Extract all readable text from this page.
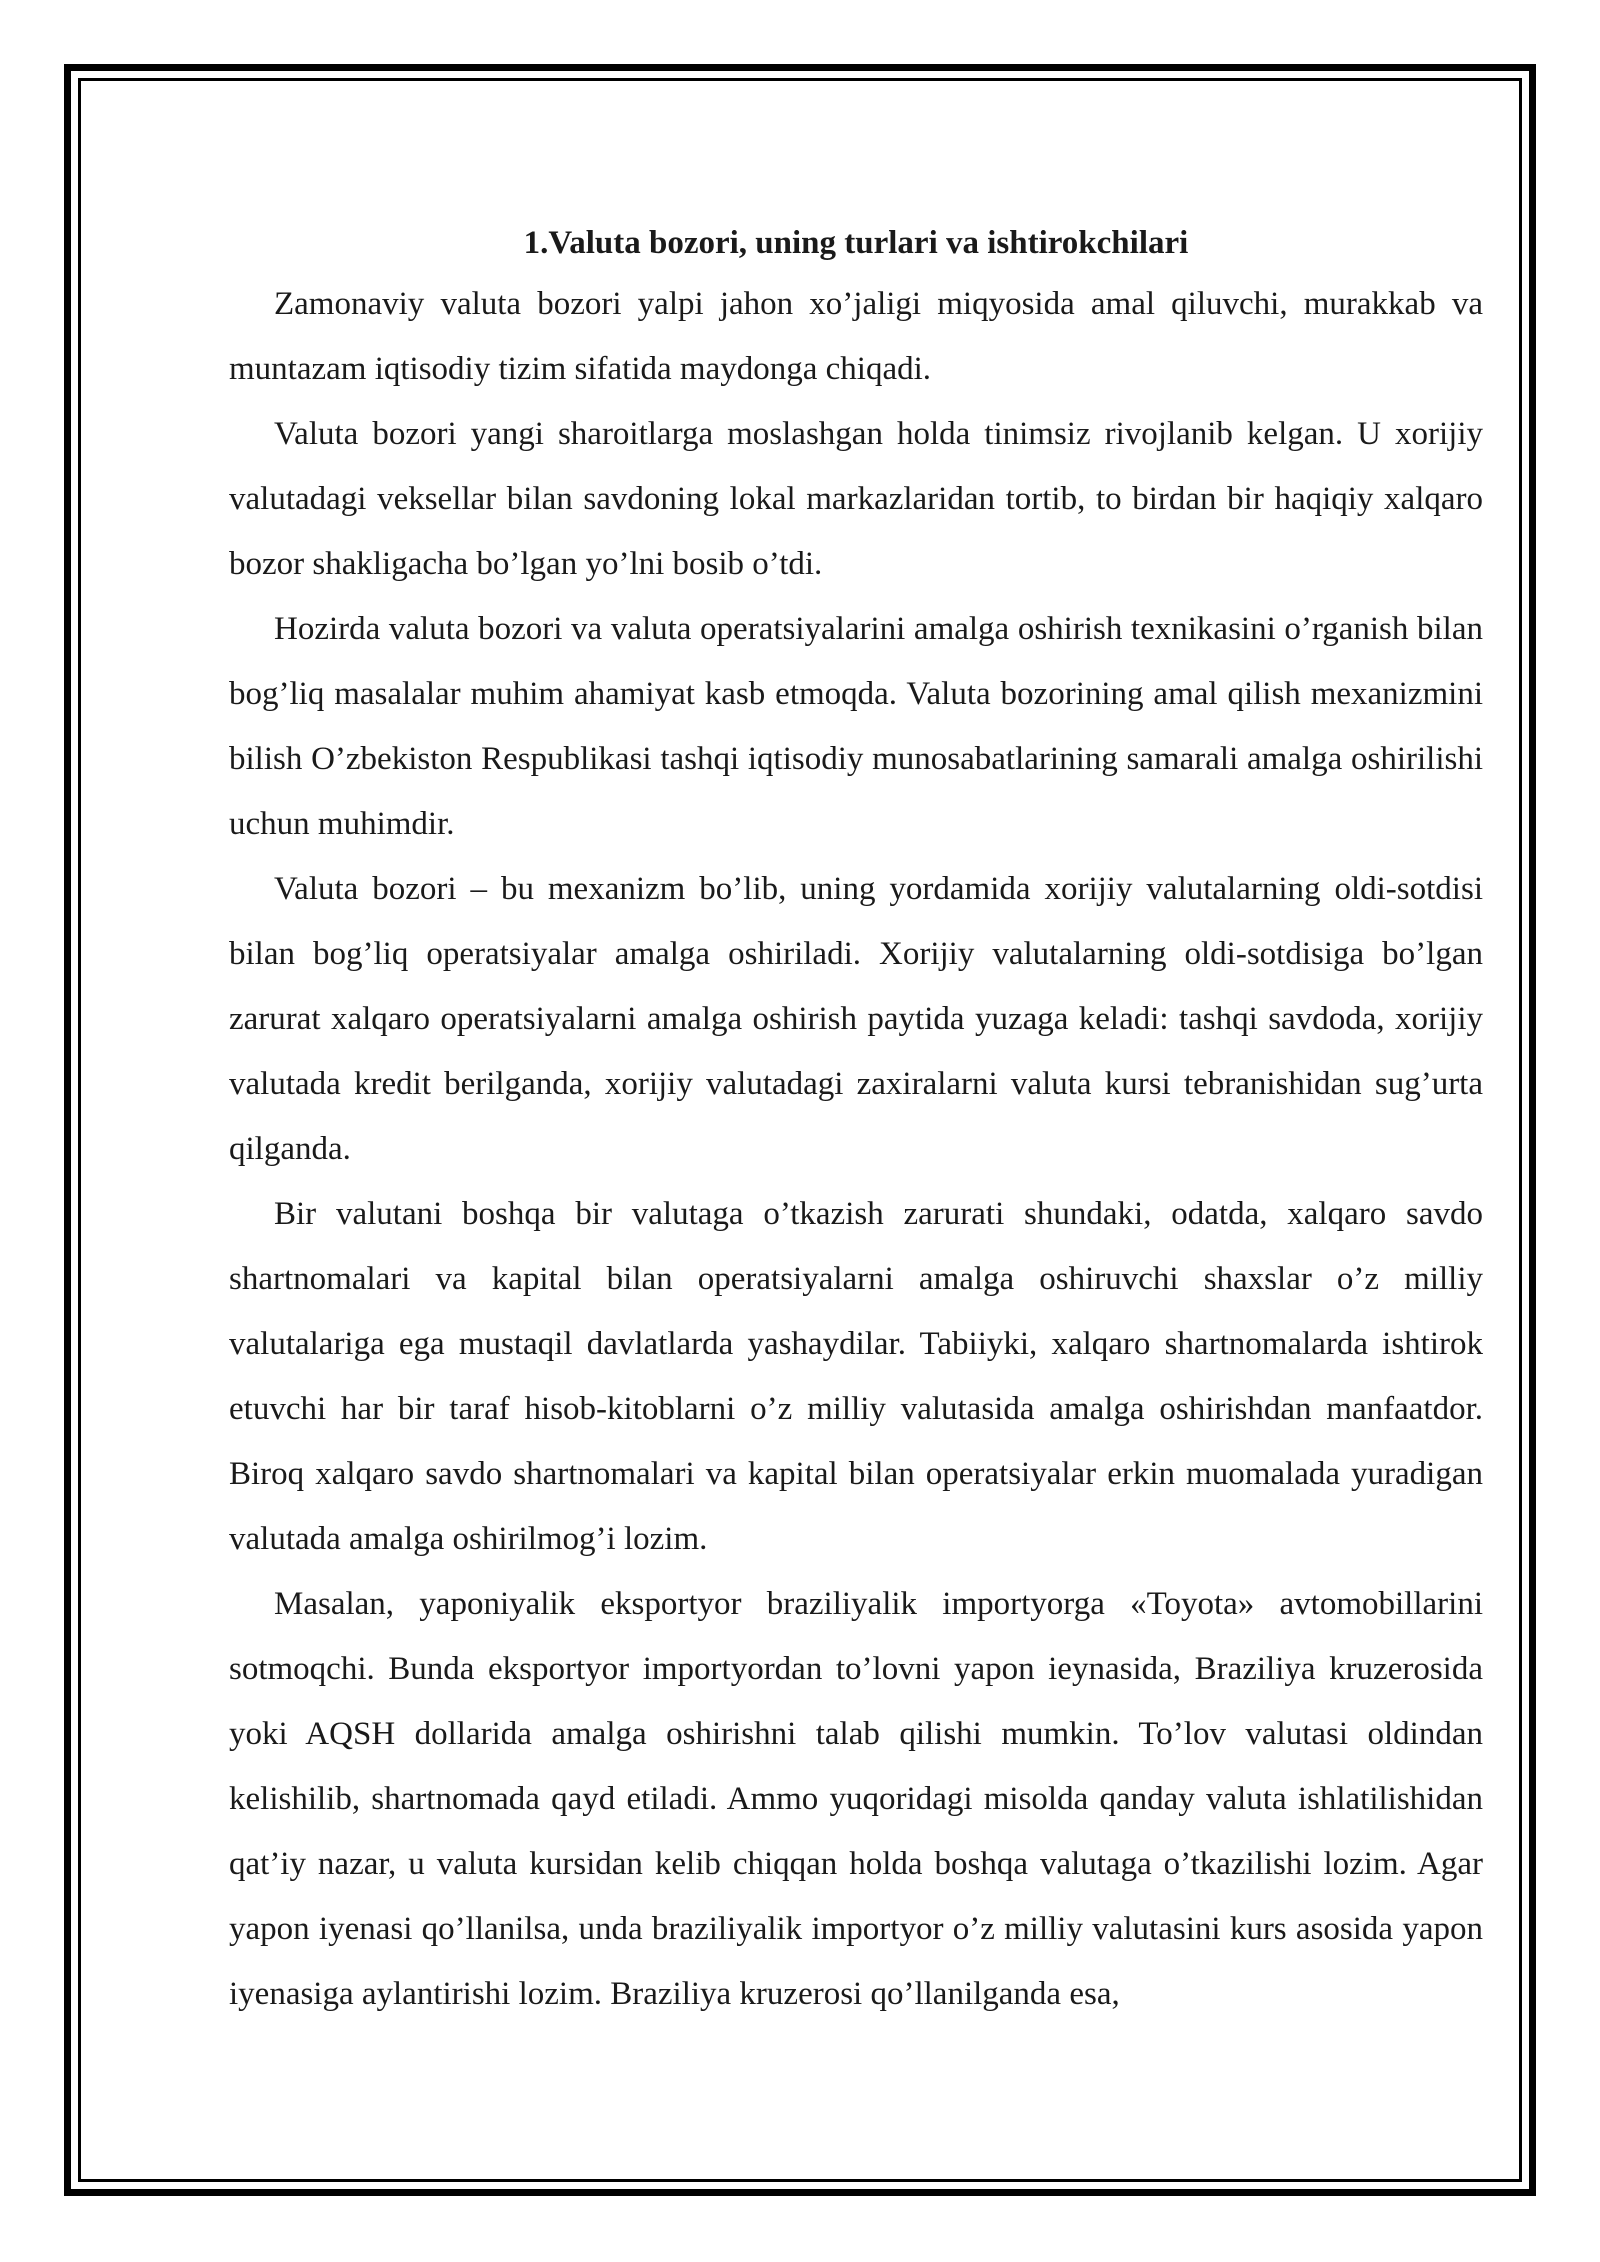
1.Valuta bozori, uning turlari va ishtirokchilari

Zamonaviy valuta bozori yalpi jahon xo’jaligi miqyosida amal qiluvchi, murakkab va muntazam iqtisodiy tizim sifatida maydonga chiqadi.

Valuta bozori yangi sharoitlarga moslashgan holda tinimsiz rivojlanib kelgan. U xorijiy valutadagi veksellar bilan savdoning lokal markazlaridan tortib, to birdan bir haqiqiy xalqaro bozor shakligacha bo’lgan yo’lni bosib o’tdi.

Hozirda valuta bozori va valuta operatsiyalarini amalga oshirish texnikasini o’rganish bilan bog’liq masalalar muhim ahamiyat kasb etmoqda. Valuta bozorining amal qilish mexanizmini bilish O’zbekiston Respublikasi tashqi iqtisodiy munosabatlarining samarali amalga oshirilishi uchun muhimdir.

Valuta bozori – bu mexanizm bo’lib, uning yordamida xorijiy valutalarning oldi-sotdisi bilan bog’liq operatsiyalar amalga oshiriladi. Xorijiy valutalarning oldi-sotdisiga bo’lgan zarurat xalqaro operatsiyalarni amalga oshirish paytida yuzaga keladi: tashqi savdoda, xorijiy valutada kredit berilganda, xorijiy valutadagi zaxiralarni valuta kursi tebranishidan sug’urta qilganda.

Bir valutani boshqa bir valutaga o’tkazish zarurati shundaki, odatda, xalqaro savdo shartnomalari va kapital bilan operatsiyalarni amalga oshiruvchi shaxslar o’z milliy valutalariga ega mustaqil davlatlarda yashaydilar. Tabiiyki, xalqaro shartnomalarda ishtirok etuvchi har bir taraf hisob-kitoblarni o’z milliy valutasida amalga oshirishdan manfaatdor. Biroq xalqaro savdo shartnomalari va kapital bilan operatsiyalar erkin muomalada yuradigan valutada amalga oshirilmog’i lozim.

Masalan, yaponiyalik eksportyor braziliyalik importyorga «Toyota» avtomobillarini sotmoqchi. Bunda eksportyor importyordan to’lovni yapon ieynasida, Braziliya kruzerosida yoki AQSH dollarida amalga oshirishni talab qilishi mumkin. To’lov valutasi oldindan kelishilib, shartnomada qayd etiladi. Ammo yuqoridagi misolda qanday valuta ishlatilishidan qat’iy nazar, u valuta kursidan kelib chiqqan holda boshqa valutaga o’tkazilishi lozim. Agar yapon iyenasi qo’llanilsa, unda braziliyalik importyor o’z milliy valutasini kurs asosida yapon iyenasiga aylantirishi lozim. Braziliya kruzerosi qo’llanilganda esa,
